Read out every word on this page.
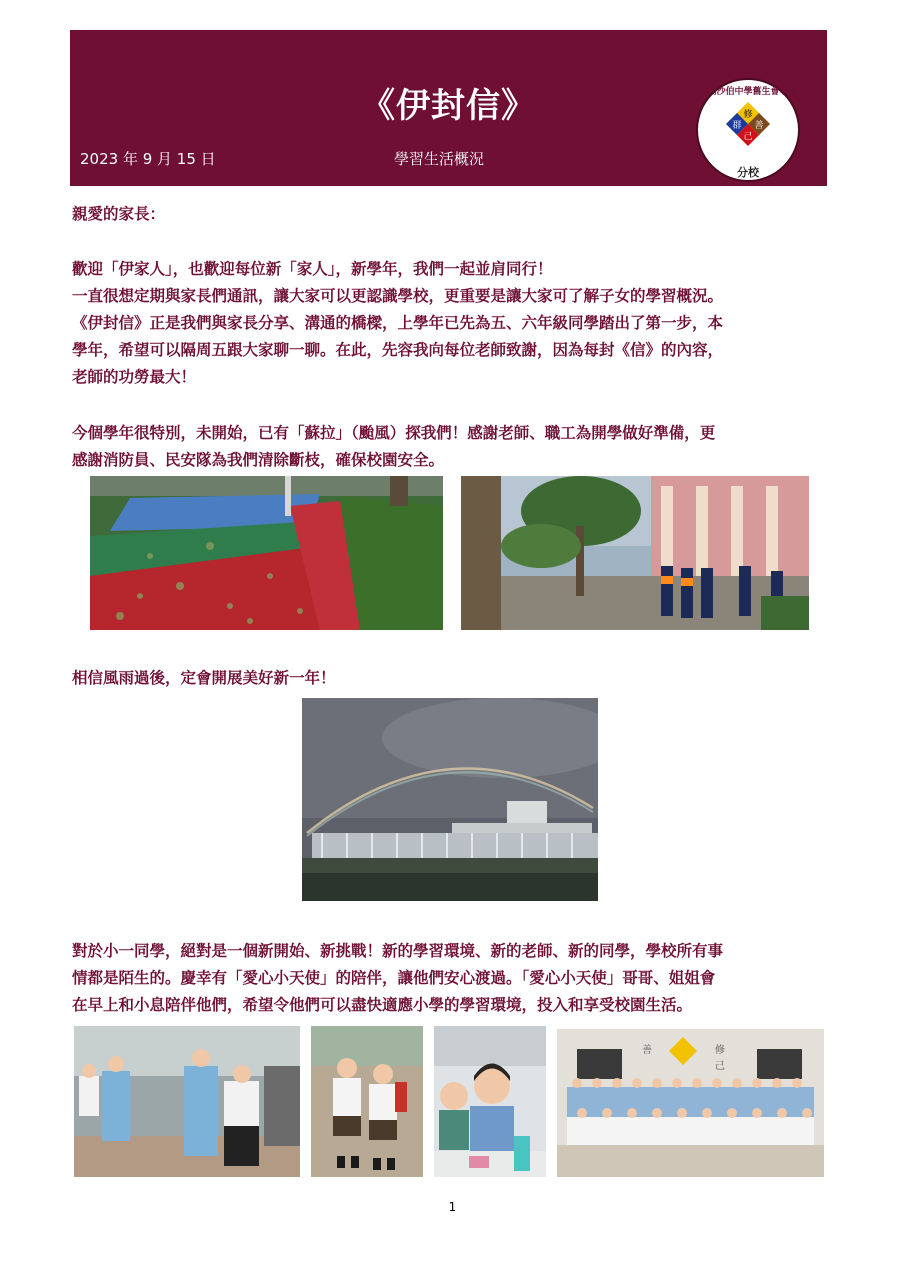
《伊封信》
2023 年 9 月 15 日	學習生活概況
修
群 善
己
伊利沙伯中學舊生會小學
分校
親愛的家長：

歡迎「伊家人」，也歡迎每位新「家人」，新學年，我們一起並肩同行！

一直很想定期與家長們通訊，讓大家可以更認識學校，更重要是讓大家可了解子女的學習概況。

《伊封信》正是我們與家長分享、溝通的橋樑，上學年已先為五、六年級同學踏出了第一步，本

學年，希望可以隔周五跟大家聊一聊。在此，先容我向每位老師致謝，因為每封《信》的內容，

老師的功勞最大！

今個學年很特別，未開始，已有「蘇拉」（颱風）探我們！感謝老師、職工為開學做好準備，更

感謝消防員、民安隊為我們清除斷枝，確保校園安全。

相信風雨過後，定會開展美好新一年！

對於小一同學，絕對是一個新開始、新挑戰！新的學習環境、新的老師、新的同學，學校所有事

情都是陌生的。慶幸有「愛心小天使」的陪伴，讓他們安心渡過。「愛心小天使」哥哥、姐姐會

在早上和小息陪伴他們，希望令他們可以盡快適應小學的學習環境，投入和享受校園生活。

善	修
己
1
